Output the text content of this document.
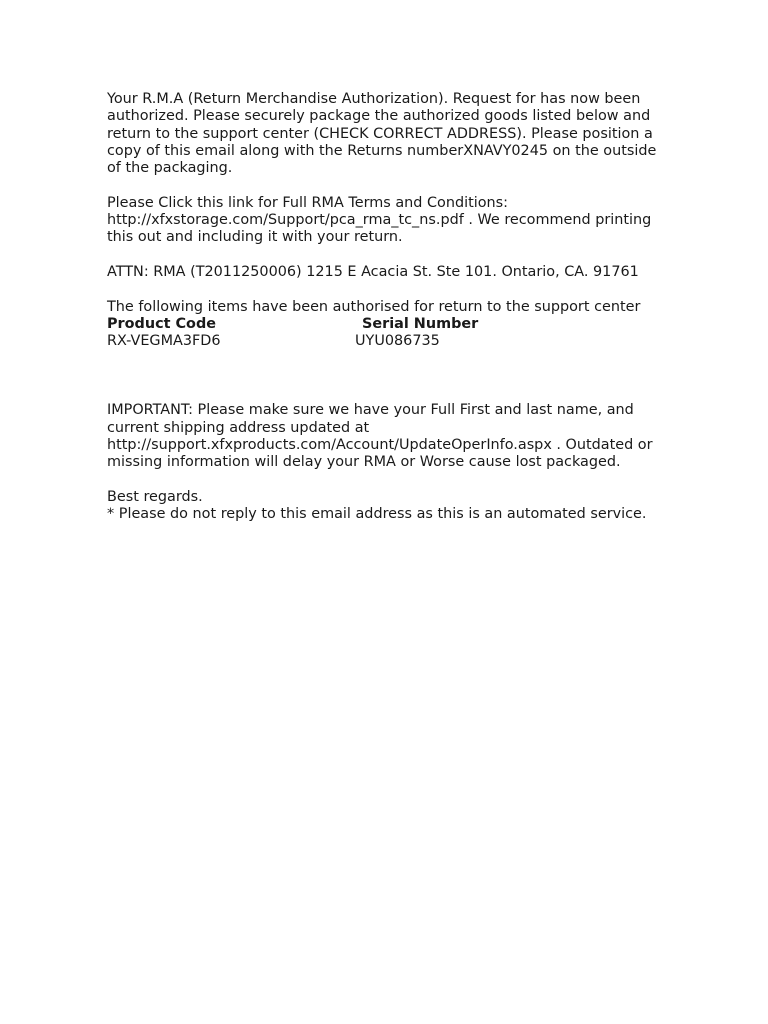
Your R.M.A (Return Merchandise Authorization). Request for has now been
authorized. Please securely package the authorized goods listed below and
return to the support center (CHECK CORRECT ADDRESS). Please position a
copy of this email along with the Returns numberXNAVY0245 on the outside
of the packaging.
Please Click this link for Full RMA Terms and Conditions:
http://xfxstorage.com/Support/pca_rma_tc_ns.pdf . We recommend printing
this out and including it with your return.
ATTN: RMA (T2011250006) 1215 E Acacia St. Ste 101. Ontario, CA. 91761
The following items have been authorised for return to the support center

Product Code

	Serial Number

RX-VEGMA3FD6

	UYU086735

IMPORTANT: Please make sure we have your Full First and last name, and
current shipping address updated at
http://support.xfxproducts.com/Account/UpdateOperInfo.aspx . Outdated or
missing information will delay your RMA or Worse cause lost packaged.
Best regards.
* Please do not reply to this email address as this is an automated service.
